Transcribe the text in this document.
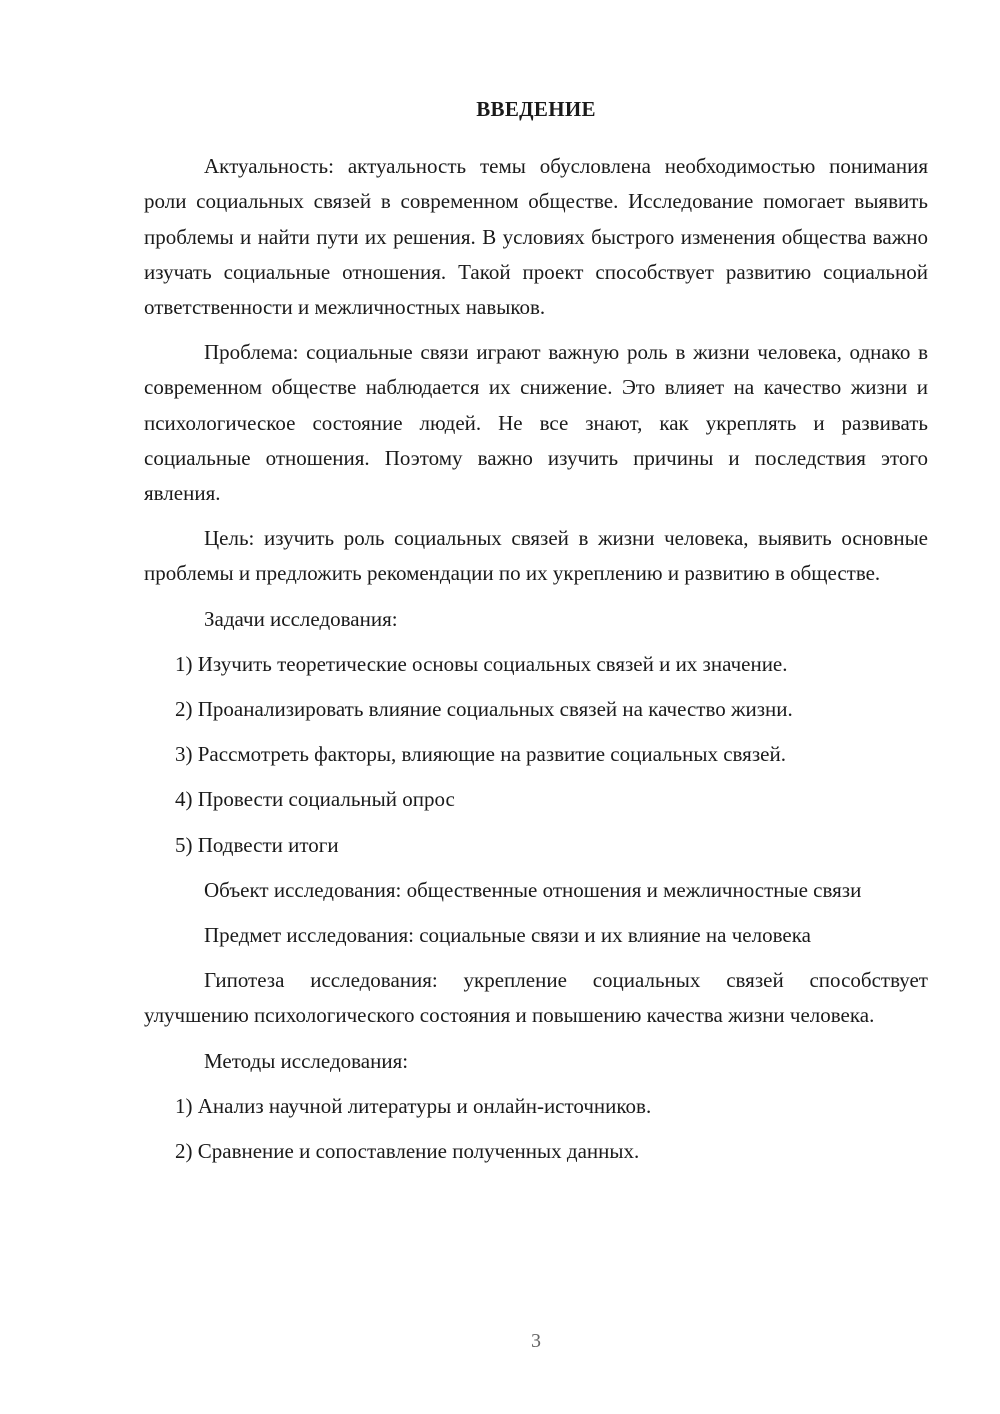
ВВЕДЕНИЕ

Актуальность: актуальность темы обусловлена необходимостью понимания роли социальных связей в современном обществе. Исследование помогает выявить проблемы и найти пути их решения. В условиях быстрого изменения общества важно изучать социальные отношения. Такой проект способствует развитию социальной ответственности и межличностных навыков.

Проблема: социальные связи играют важную роль в жизни человека, однако в современном обществе наблюдается их снижение. Это влияет на качество жизни и психологическое состояние людей. Не все знают, как укреплять и развивать социальные отношения. Поэтому важно изучить причины и последствия этого явления.

Цель: изучить роль социальных связей в жизни человека, выявить основные проблемы и предложить рекомендации по их укреплению и развитию в обществе.

Задачи исследования:

1) Изучить теоретические основы социальных связей и их значение.
2) Проанализировать влияние социальных связей на качество жизни.
3) Рассмотреть факторы, влияющие на развитие социальных связей.
4) Провести социальный опрос
5) Подвести итоги

Объект исследования: общественные отношения и межличностные связи

Предмет исследования: социальные связи и их влияние на человека

Гипотеза исследования: укрепление социальных связей способствует улучшению психологического состояния и повышению качества жизни человека.

Методы исследования:

1) Анализ научной литературы и онлайн-источников.
2) Сравнение и сопоставление полученных данных.
3
